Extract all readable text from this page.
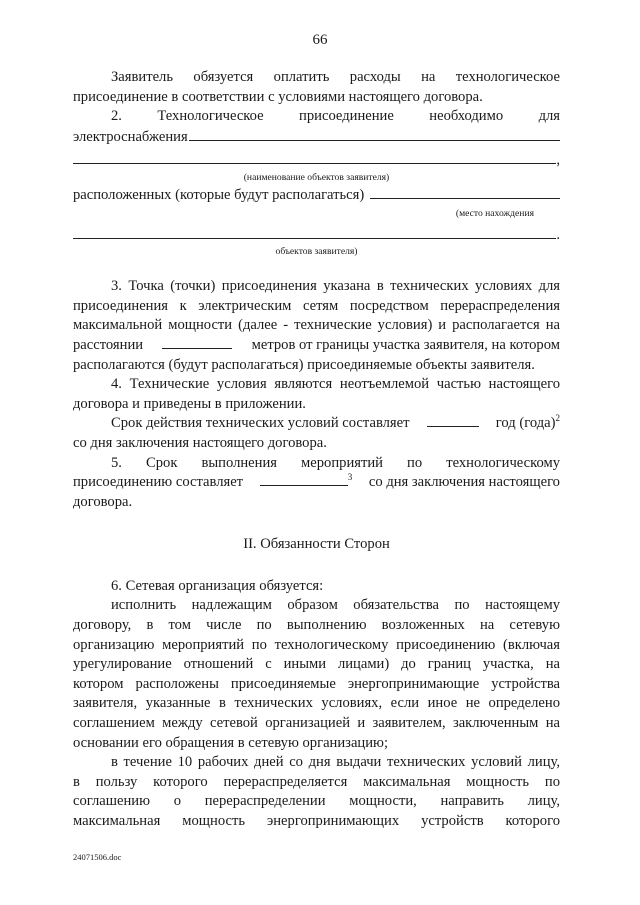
66

Заявитель обязуется оплатить расходы на технологическое

присоединение в соответствии с условиями настоящего договора.

2. Технологическое присоединение необходимо для

электроснабжения
,

(наименование объектов заявителя)

расположенных (которые будут располагаться)

(место нахождения

.

объектов заявителя)

3. Точка (точки) присоединения указана в технических условиях для

присоединения к электрическим сетям посредством перераспределения

максимальной мощности (далее - технические условия) и располагается на

расстоянии	метров от границы участка заявителя, на котором

располагаются (будут располагаться) присоединяемые объекты заявителя.

4. Технические условия являются неотъемлемой частью настоящего

договора и приведены в приложении.

Срок действия технических условий составляет	год (года)$^2$

со дня заключения настоящего договора.

5. Срок выполнения мероприятий по технологическому

присоединению составляет	$^3$ со дня заключения настоящего

договора.

II. Обязанности Сторон

6. Сетевая организация обязуется:

исполнить надлежащим образом обязательства по настоящему

договору, в том числе по выполнению возложенных на сетевую

организацию мероприятий по технологическому присоединению (включая

урегулирование отношений с иными лицами) до границ участка, на

котором расположены присоединяемые энергопринимающие устройства

заявителя, указанные в технических условиях, если иное не определено

соглашением между сетевой организацией и заявителем, заключенным на

основании его обращения в сетевую организацию;

в течение 10 рабочих дней со дня выдачи технических условий лицу,

в пользу которого перераспределяется максимальная мощность по

соглашению о перераспределении мощности, направить лицу,

максимальная мощность энергопринимающих устройств которого

24071506.doc
